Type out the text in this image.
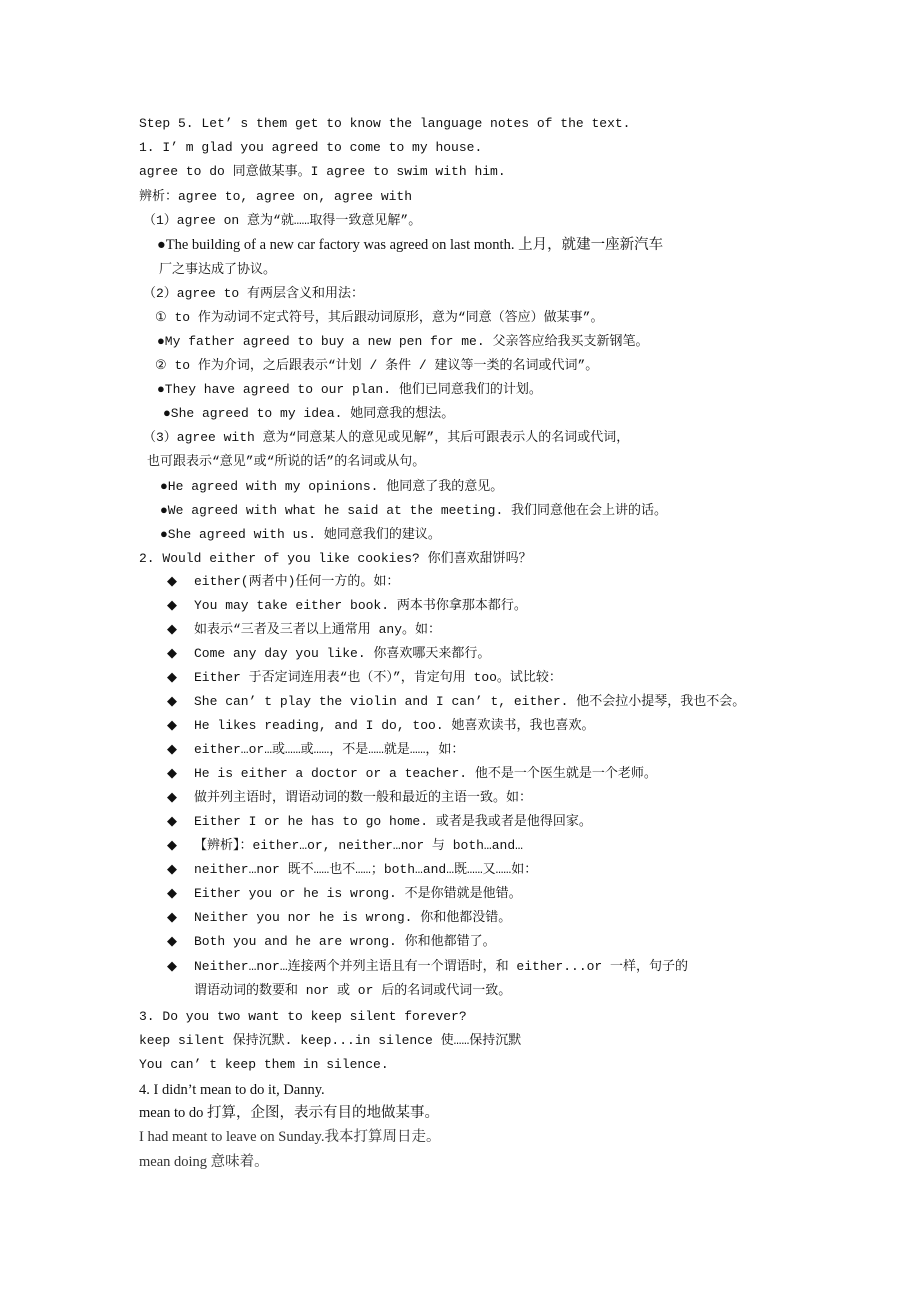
Step 5. Let’ s them get to know the language notes of the text.
1. I’ m glad you agreed to come to my house.
agree to do 同意做某事。I agree to swim with him.
辨析：agree to, agree on, agree with
（1）agree on 意为“就……取得一致意见解”。
●The building of a new car factory was agreed on last month. 上月，就建一座新汽车
厂之事达成了协议。
（2）agree to 有两层含义和用法：
① to 作为动词不定式符号，其后跟动词原形，意为“同意（答应）做某事”。
●My father agreed to buy a new pen for me. 父亲答应给我买支新钢笔。
② to 作为介词，之后跟表示“计划 / 条件 / 建议等一类的名词或代词”。
●They have agreed to our plan. 他们已同意我们的计划。
●She agreed to my idea. 她同意我的想法。
（3）agree with 意为“同意某人的意见或见解”，其后可跟表示人的名词或代词，
也可跟表示“意见”或“所说的话”的名词或从句。
●He agreed with my opinions. 他同意了我的意见。
●We agreed with what he said at the meeting. 我们同意他在会上讲的话。
●She agreed with us. 她同意我们的建议。
2. Would either of you like cookies? 你们喜欢甜饼吗？
◆ either(两者中)任何一方的。如：
◆ You may take either book. 两本书你拿那本都行。
◆ 如表示“三者及三者以上通常用 any。如：
◆ Come any day you like. 你喜欢哪天来都行。
◆ Either 于否定词连用表“也（不）”，肯定句用 too。试比较：
◆ She can’ t play the violin and I can’ t, either. 他不会拉小提琴，我也不会。
◆ He likes reading, and I do, too. 她喜欢读书，我也喜欢。
◆ either…or…或……或……，不是……就是……，如：
◆ He is either a doctor or a teacher. 他不是一个医生就是一个老师。
◆ 做并列主语时，谓语动词的数一般和最近的主语一致。如：
◆ Either I or he has to go home. 或者是我或者是他得回家。
◆ 【辨析】：either…or, neither…nor 与 both…and…
◆ neither…nor 既不……也不……；both…and…既……又……如：
◆ Either you or he is wrong. 不是你错就是他错。
◆ Neither you nor he is wrong. 你和他都没错。
◆ Both you and he are wrong. 你和他都错了。
◆ Neither…nor…连接两个并列主语且有一个谓语时，和 either...or 一样，句子的
谓语动词的数要和 nor 或 or 后的名词或代词一致。
3. Do you two want to keep silent forever?
keep silent 保持沉默. keep...in silence 使……保持沉默
You can’ t keep them in silence.
4. I didn’t mean to do it, Danny.
mean to do 打算，企图，表示有目的地做某事。
I had meant to leave on Sunday.我本打算周日走。
mean doing 意味着。
